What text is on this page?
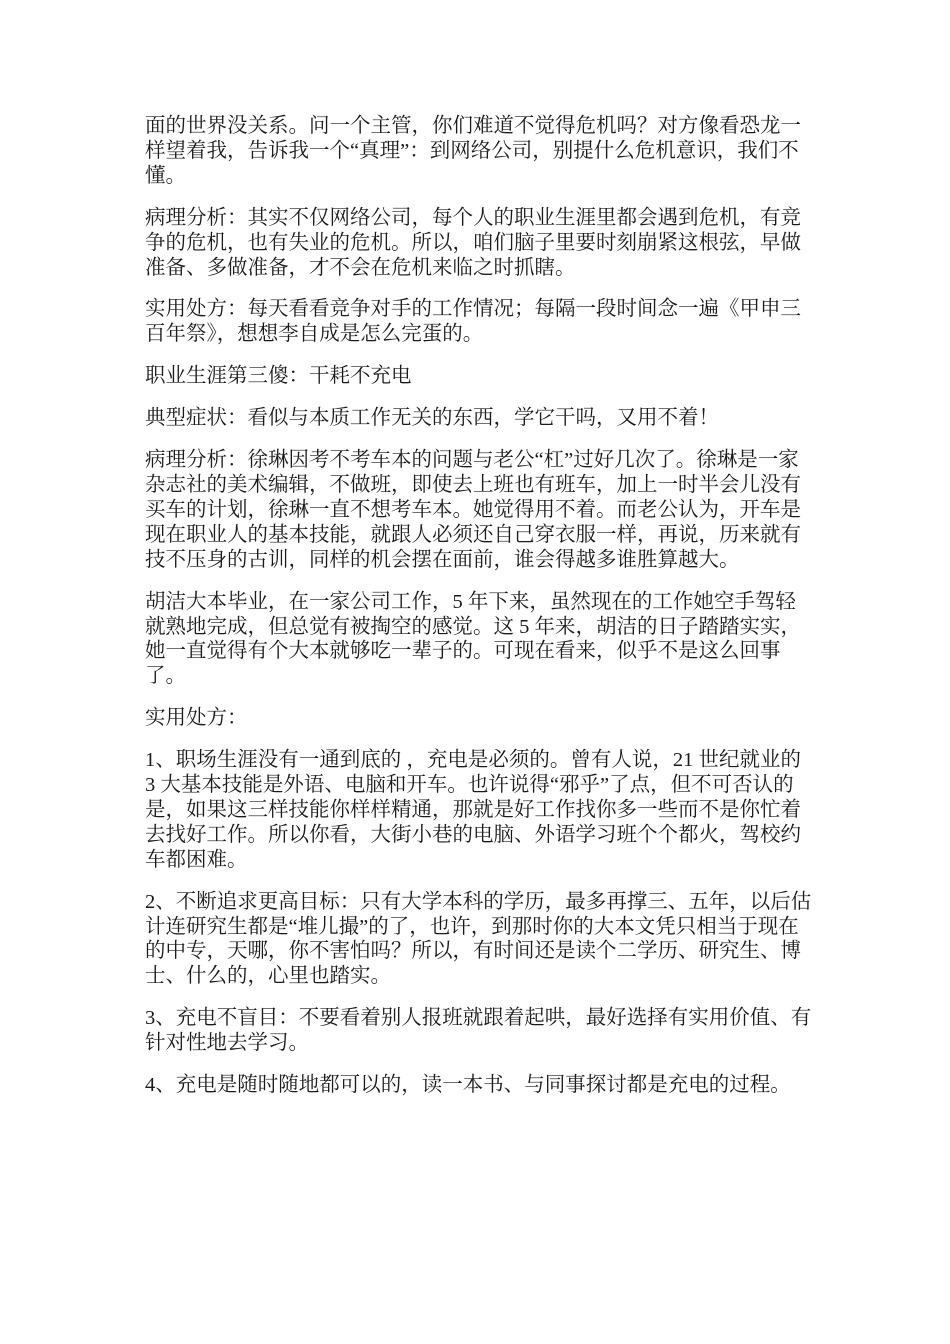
面的世界没关系。问一个主管，你们难道不觉得危机吗？对方像看恐龙一样望着我，告诉我一个“真理”：到网络公司，别提什么危机意识，我们不懂。

病理分析：其实不仅网络公司，每个人的职业生涯里都会遇到危机，有竞争的危机，也有失业的危机。所以，咱们脑子里要时刻崩紧这根弦，早做准备、多做准备，才不会在危机来临之时抓瞎。

实用处方：每天看看竞争对手的工作情况；每隔一段时间念一遍《甲申三百年祭》，想想李自成是怎么完蛋的。

职业生涯第三傻：干耗不充电

典型症状：看似与本质工作无关的东西，学它干吗，又用不着！

病理分析：徐琳因考不考车本的问题与老公“杠”过好几次了。徐琳是一家杂志社的美术编辑，不做班，即使去上班也有班车，加上一时半会儿没有买车的计划，徐琳一直不想考车本。她觉得用不着。而老公认为，开车是现在职业人的基本技能，就跟人必须还自己穿衣服一样，再说，历来就有技不压身的古训，同样的机会摆在面前，谁会得越多谁胜算越大。

胡洁大本毕业，在一家公司工作，5 年下来，虽然现在的工作她空手驾轻就熟地完成，但总觉有被掏空的感觉。这 5 年来，胡洁的日子踏踏实实，她一直觉得有个大本就够吃一辈子的。可现在看来，似乎不是这么回事了。

实用处方：

1、职场生涯没有一通到底的 ，充电是必须的。曾有人说，21 世纪就业的 3 大基本技能是外语、电脑和开车。也许说得“邪乎”了点，但不可否认的是，如果这三样技能你样样精通，那就是好工作找你多一些而不是你忙着去找好工作。所以你看，大街小巷的电脑、外语学习班个个都火，驾校约车都困难。

2、不断追求更高目标：只有大学本科的学历，最多再撑三、五年，以后估计连研究生都是“堆儿撮”的了，也许，到那时你的大本文凭只相当于现在的中专，天哪，你不害怕吗？所以，有时间还是读个二学历、研究生、博士、什么的，心里也踏实。

3、充电不盲目：不要看着别人报班就跟着起哄，最好选择有实用价值、有针对性地去学习。

4、充电是随时随地都可以的，读一本书、与同事探讨都是充电的过程。
